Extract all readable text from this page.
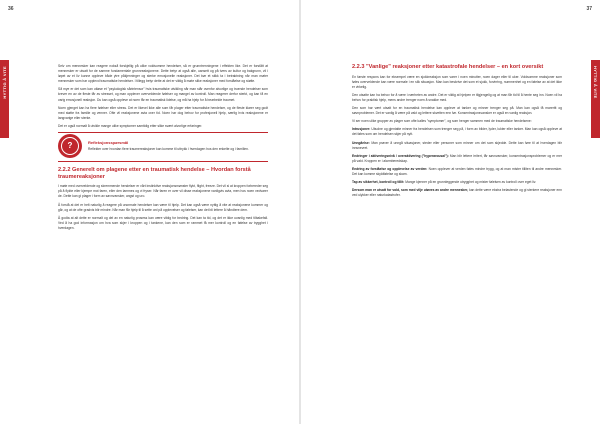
36
HYTTIG Å VITE	Selv om mennesker kan reagere nokså forskjellig på ulike voldsomme hendelser, så er grunntrenningene i effekten like. Det er forstått at mennesker er utsatt for de samme fundamentale grunnreaksjonene. Dette betyr at også alle, uansett og på tvers av kultur og bakgrunn, vil i løpet av et liv kunne oppleve både ytre påkjenninger og sterke emosjonelle reaksjoner. Det bør et stikk ta i betraktning når man møter mennesker som har opplevd traumatiske hendelser. I tillegg betyr dette at det er viktig å møte slike reaksjoner med forståelse og støtte.

Så mye er det som kan utløse et "psykologisk sårintensor" hvis traumatiske utvikling når man står ovenfor alvorlige og truende hendelser som krever en av de fleste får av stresset, og man opplever overveldende følelser og mangel av kontroll. Man reagerer derfor sterkt, og kan få en varig emosjonell reaksjon. Du kan også oppleve at noen får en traumatisk lidelse, og må ha hjelp for å bearbeide traumet.

Noen gjenget kan ha flere følelser eller stress. Det er likevel ikke alle som får plager etter traumatiske hendelser, og de fleste klarer seg godt med støtte fra familie og venner. Ofte vil reaksjonene avta over tid. Noen har dog behov for profesjonell hjelp, særlig hvis reaksjonene er langvarige eller sterke.

Det er også normalt å utvikle mange ulike symptomer samtidig etter slike svært alvorlige erfaringer.

?	Refleksjonsspørsmål
Reflekter over hvordan flere traumereaksjoner kan komme til uttrykk i hverdagen hos den enkelte og i familien.
2.2.2 Generelt om plagene etter en traumatisk hendelse – Hvordan forstå traumereaksjoner

I møte med overveldende og skremmende hendelser er vårt instinktive reaksjonsmønster flykt, flight, freeze. Det vil si at kroppen forbereder seg på å flykte eller kjempe mot faren, eller den lammes og vi fryser. Når faren er over vil disse reaksjonene vanligvis avta, men hos noen vedvarer de. Dette kan gi plager i form av søvnvansker, angst og uro.

Å forstå at det er helt naturlig å reagere på unormale hendelser kan være til hjelp. Det kan også være nyttig å vite at reaksjonene kommer og går, og at de ofte gradvis blir mindre. Når man får hjelp til å sette ord på opplevelser og følelser, kan det bli lettere å håndtere dem.

Å godta at alt dette er normalt og del av en naturlig prosess kan være viktig for bedring. Det kan ta tid, og det er ikke uvanlig med tilbakefall. Ved å ha god informasjon om hva som skjer i kroppen og i tankene, kan den som er rammet få mer kontroll og en følelse av trygghet i hverdagen.

37
HYTTIG Å VITE
2.2.3 "Vanlige" reaksjoner etter katastrofale hendelser – en kort oversikt

En første respons kan for eksempel være en sjokkreaksjon som varer i noen minutter, noen dager eller til uker. Voldsomme reaksjoner som føles overveldende kan være normale i en slik situasjon. Man kan beskrive det som et sjokk, forvirring, nummenhet og en følelse av at det ikke er virkelig.

Den utsatte kan ha behov for å være i nærheten av andre. Det er viktig at hjelpen er tilgjengelig og at man får tid til å hente seg inn. Noen vil ha behov for praktisk hjelp, mens andre trenger noen å snakke med.

Den som har vært utsatt for en traumatisk hendelse kan oppleve at tanker og minner trenger seg på. Man kan også få mareritt og søvnproblemer. Det er vanlig å være på vakt og lettere skvetten enn før. Konsentrasjonsvansker er også en vanlig reaksjon.

Vi ser noen ulike grupper av plager som ofte kalles "symptomer", og som henger sammen med de traumatiske hendelsene:

Intrusjoner: Ubudne og gjentatte minner fra hendelsen som trenger seg på, i form av bilder, lyder, lukter eller tanker. Man kan også oppleve at det føles som om hendelsen skjer på nytt.

Unngåelse: Man prøver å unngå situasjoner, steder eller personer som minner om det som skjedde. Dette kan føre til at hverdagen blir innsnevret.

Endringer i aktiveringsnivå / overaktivering ("hyperarousal"): Man blir lettere irritert, får søvnvansker, konsentrasjonsproblemer og er mer på vakt. Kroppen er i alarmberedskap.

Endring av forståelse og opplevelse av verden: Noen opplever at verden føles mindre trygg, og at man mister tilliten til andre mennesker. Det kan komme skyldfølelse og skam.

Tap av sikkerhet, kontroll og tillit: Mange kjenner på en grunnleggende utrygghet og mister følelsen av kontroll over eget liv.

Dersom man er utsatt for vold, som med vilje utøves av andre mennesker, kan dette være ekstra belastende og gi sterkere reaksjoner enn ved ulykker eller naturkatastrofer.
